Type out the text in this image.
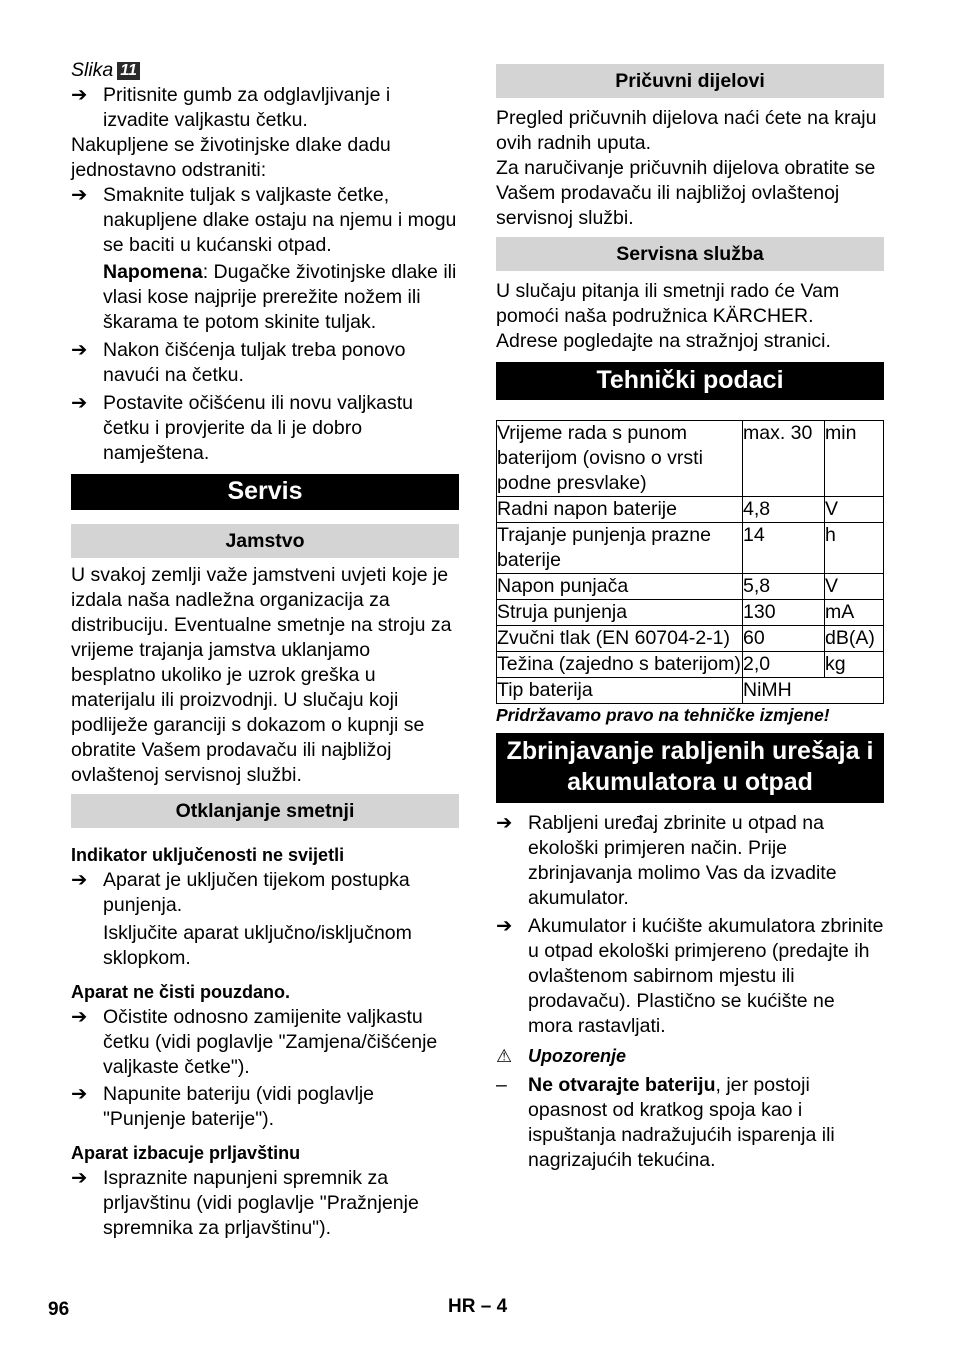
Slika 11

➔ Pritisnite gumb za odglavljivanje i izvadite valjkastu četku.

Nakupljene se životinjske dlake dadu jednostavno odstraniti:

➔ Smaknite tuljak s valjkaste četke, nakupljene dlake ostaju na njemu i mogu se baciti u kućanski otpad.

Napomena: Dugačke životinjske dlake ili vlasi kose najprije prerežite nožem ili škarama te potom skinite tuljak.

➔ Nakon čišćenja tuljak treba ponovo navući na četku.
➔ Postavite očišćenu ili novu valjkastu četku i provjerite da li je dobro namještena.
Servis
Jamstvo

U svakoj zemlji važe jamstveni uvjeti koje je izdala naša nadležna organizacija za distribuciju. Eventualne smetnje na stroju za vrijeme trajanja jamstva uklanjamo besplatno ukoliko je uzrok greška u materijalu ili proizvodnji. U slučaju koji podliježe garanciji s dokazom o kupnji se obratite Vašem prodavaču ili najbližoj ovlaštenoj servisnoj službi.

Otklanjanje smetnji

Indikator uključenosti ne svijetli

➔ Aparat je uključen tijekom postupka punjenja.

Isključite aparat uključno/isključnom sklopkom.

Aparat ne čisti pouzdano.

➔ Očistite odnosno zamijenite valjkastu četku (vidi poglavlje "Zamjena/čišćenje valjkaste četke").
➔ Napunite bateriju (vidi poglavlje "Punjenje baterije").

Aparat izbacuje prljavštinu

➔ Ispraznite napunjeni spremnik za prljavštinu (vidi poglavlje "Pražnjenje spremnika za prljavštinu").
Pričuvni dijelovi

Pregled pričuvnih dijelova naći ćete na kraju ovih radnih uputa.

Za naručivanje pričuvnih dijelova obratite se Vašem prodavaču ili najbližoj ovlaštenoj servisnoj službi.

Servisna služba

U slučaju pitanja ili smetnji rado će Vam pomoći naša podružnica KÄRCHER.

Adrese pogledajte na stražnjoj stranici.

Tehnički podaci
Vrijeme rada s punom baterijom (ovisno o vrsti podne presvlake)	max. 30	min
Radni napon baterije	4,8	V
Trajanje punjenja prazne baterije	14	h
Napon punjača	5,8	V
Struja punjenja	130	mA
Zvučni tlak (EN 60704-2-1)	60	dB(A)
Težina (zajedno s baterijom)	2,0	kg
Tip baterija	NiMH	

Pridržavamo pravo na tehničke izmjene!

Zbrinjavanje rabljenih urešaja i akumulatora u otpad
➔ Rabljeni uređaj zbrinite u otpad na ekološki primjeren način. Prije zbrinjavanja molimo Vas da izvadite akumulator.
➔ Akumulator i kućište akumulatora zbrinite u otpad ekološki primjereno (predajte ih ovlaštenom sabirnom mjestu ili prodavaču). Plastično se kućište ne mora rastavljati.

⚠ Upozorenje

–	Ne otvarajte bateriju, jer postoji opasnost od kratkog spoja kao i ispuštanja nadražujućih isparenja ili nagrizajućih tekućina.
96	HR – 4
